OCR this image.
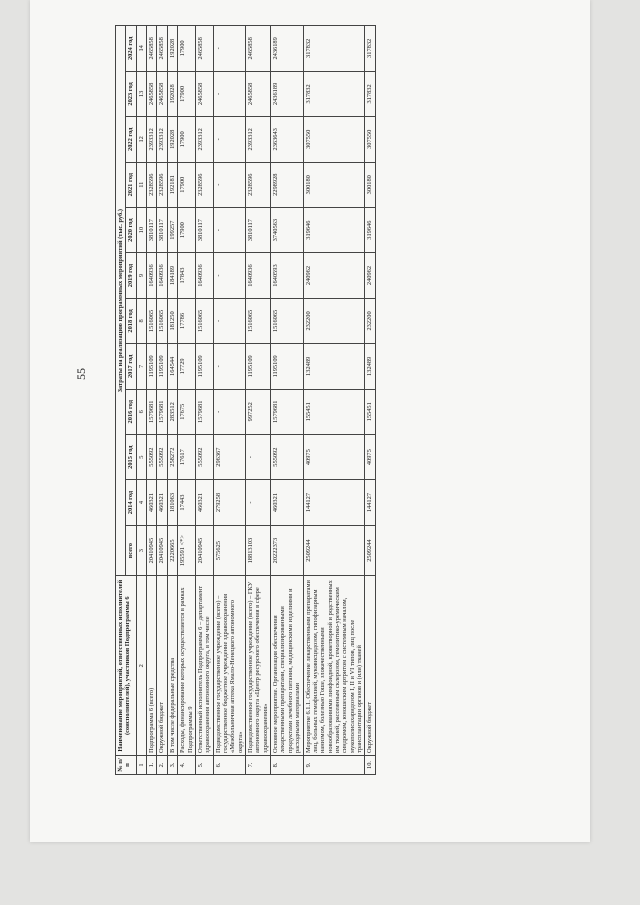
55
№ п/п	Наименование мероприятий, ответственных исполнителей (соисполнителей), участников Подпрограммы 6	Затраты на реализацию программных мероприятий (тыс. руб.)											
		всего	2014 год	2015 год	2016 год	2017 год	2018 год	2019 год	2020 год	2021 год	2022 год	2023 год	2024 год
1	2	3	4	5	6	7	8	9	10	11	12	13	14
1.	Подпрограмма 6 (всего)	20410945	460321	555092	1579681	1195109	1516065	1640936	3810117	2328596	2393312	2465858	2465858
2.	Окружной бюджет	20410945	460321	555092	1579681	1195109	1516065	1640936	3810117	2328596	2393312	2465858	2465858
3.	В том числе федеральные средства	2220665	181063	258272	283512	164544	181250	184189	199257	192181	192028	192028	192028
4.	Расходы, финансирование которых осуществляется в рамках Подпрограммы 9	195591 <*>	17443	17617	17675	17729	17786	17843	17900	17900	17900	17900	17900
5.	Ответственный исполнитель Подпрограммы 6 – департамент здравоохранения автономного округа, в том числе	20410945	460321	555092	1579681	1195109	1516065	1640936	3810117	2328596	2393312	2465858	2465858
6.	Подведомственное государственное учреждение (всего) – государственное бюджетное учреждение здравоохранения «Межбольничная аптека Ямало-Ненецкого автономного округа»	575625	279258	296367	-	-	-	-	-	-	-	-	-
7.	Подведомственное государственное учреждение (всего) – ГКУ автономного округа «Центр ресурсного обеспечения в сфере здравоохранения»	18813103	-	-	997252	1195109	1516065	1640936	3810117	2328596	2393312	2465858	2465858
8.	Основное мероприятие. Организация обеспечения лекарственными препаратами, специализированными продуктами лечебного питания, медицинскими изделиями и расходными материалами	20222373	460321	555092	1579681	1195109	1516065	1640593	3740563	2298928	2363643	2436189	2436189
9.	Мероприятие 6.1.1. Обеспечение лекарственными препаратами лиц, больных гемофилией, муковисцидозом, гипофизарным нанизмом, болезнью Гоше, злокачественными новообразованиями лимфоидной, кроветворной и родственных им тканей, рассеянным склерозом, гемолитико-уремическим синдромом, юношеским артритом с системным началом, мукополисахаридозом I, II и VI типов, лиц после трансплантации органов и (или) тканей	2509244	144127	40975	155451	132489	232200	240962	319646	300180	307550	317832	317832
10.	Окружной бюджет	2509244	144127	40975	155451	132489	232200	240962	319646	300180	307550	317832	317832
